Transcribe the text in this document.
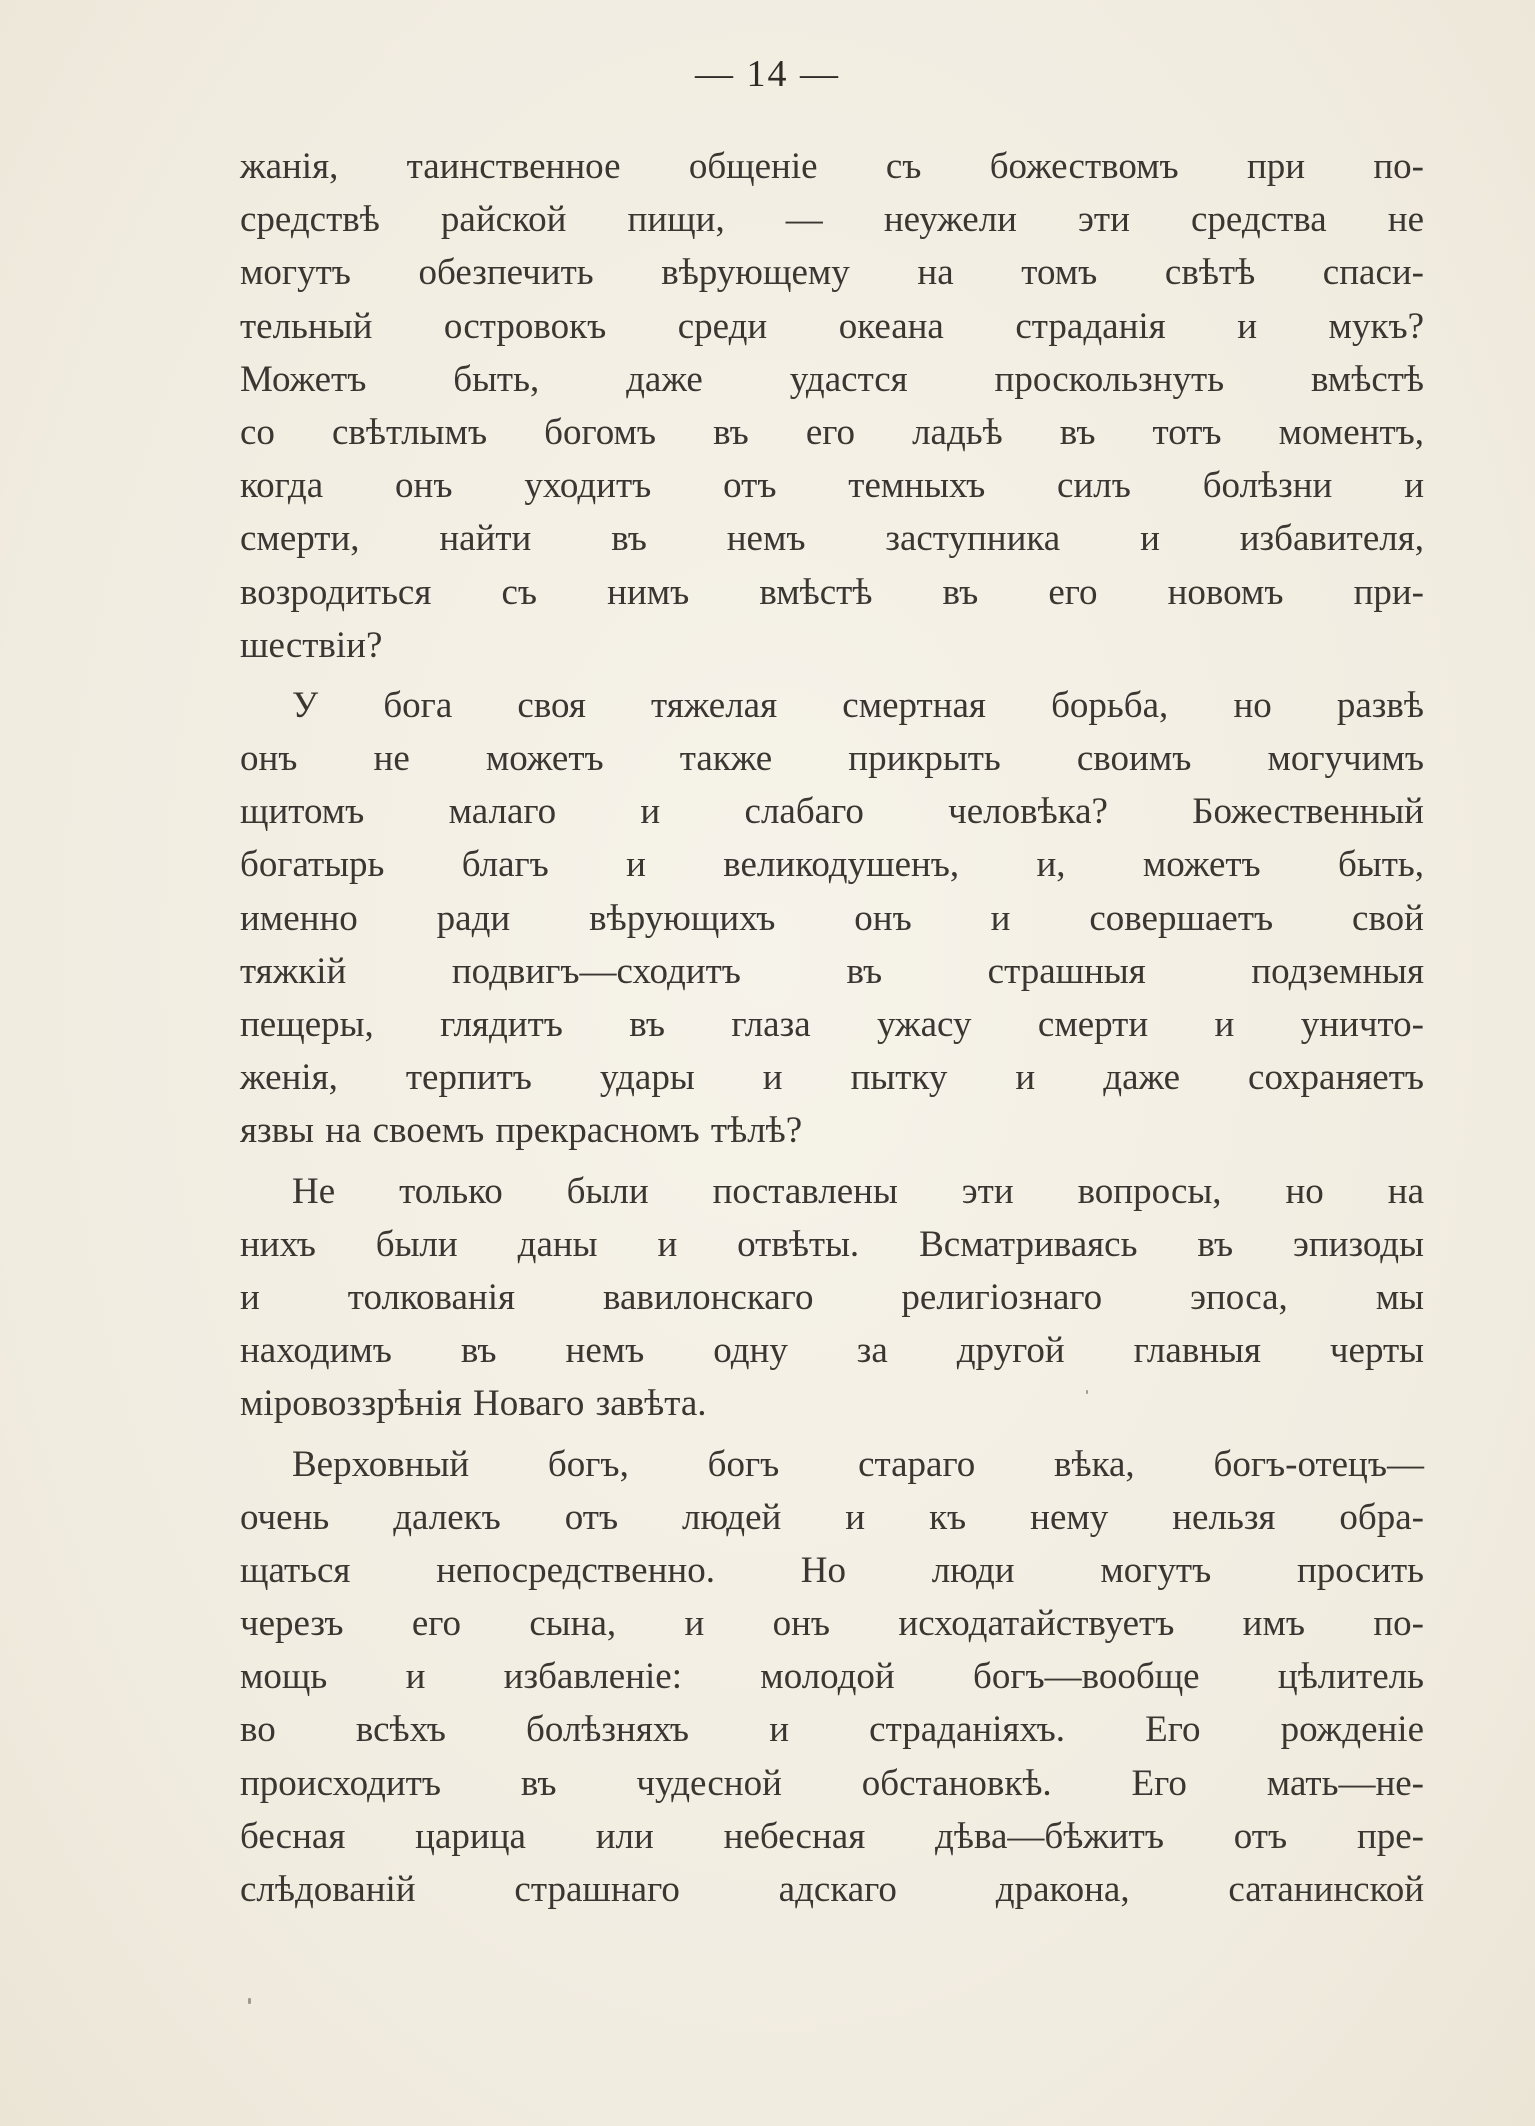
— 14 —
жанія, таинственное общеніе съ божествомъ при по-
средствѣ райской пищи, — неужели эти средства не
могутъ обезпечить вѣрующему на томъ свѣтѣ спаси-
тельный островокъ среди океана страданія и мукъ?
Можетъ быть, даже удастся проскользнуть вмѣстѣ
со свѣтлымъ богомъ въ его ладьѣ въ тотъ моментъ,
когда онъ уходитъ отъ темныхъ силъ болѣзни и
смерти, найти въ немъ заступника и избавителя,
возродиться съ нимъ вмѣстѣ въ его новомъ при-
шествіи?
У бога своя тяжелая смертная борьба, но развѣ
онъ не можетъ также прикрыть своимъ могучимъ
щитомъ малаго и слабаго человѣка? Божественный
богатырь благъ и великодушенъ, и, можетъ быть,
именно ради вѣрующихъ онъ и совершаетъ свой
тяжкій подвигъ—сходитъ въ страшныя подземныя
пещеры, глядитъ въ глаза ужасу смерти и уничто-
женія, терпитъ удары и пытку и даже сохраняетъ
язвы на своемъ прекрасномъ тѣлѣ?
Не только были поставлены эти вопросы, но на
нихъ были даны и отвѣты. Всматриваясь въ эпизоды
и толкованія вавилонскаго религіознаго эпоса, мы
находимъ въ немъ одну за другой главныя черты
міровоззрѣнія Новаго завѣта.
Верховный богъ, богъ стараго вѣка, богъ-отецъ—
очень далекъ отъ людей и къ нему нельзя обра-
щаться непосредственно. Но люди могутъ просить
черезъ его сына, и онъ исходатайствуетъ имъ по-
мощь и избавленіе: молодой богъ—вообще цѣлитель
во всѣхъ болѣзняхъ и страданіяхъ. Его рожденіе
происходитъ въ чудесной обстановкѣ. Его мать—не-
бесная царица или небесная дѣва—бѣжитъ отъ пре-
слѣдованій страшнаго адскаго дракона, сатанинской
